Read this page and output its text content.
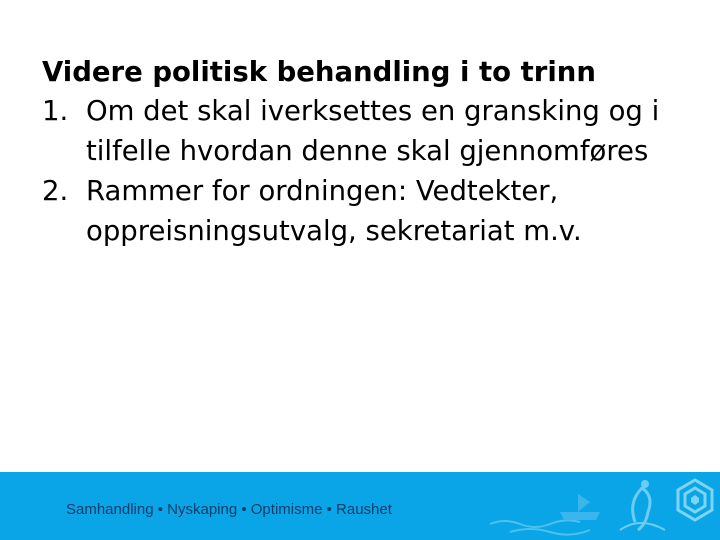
Videre politisk behandling i to trinn
1. Om det skal iverksettes en gransking og i tilfelle hvordan denne skal gjennomføres
2. Rammer for ordningen: Vedtekter, oppreisningsutvalg, sekretariat m.v.
Samhandling • Nyskaping • Optimisme • Raushet
